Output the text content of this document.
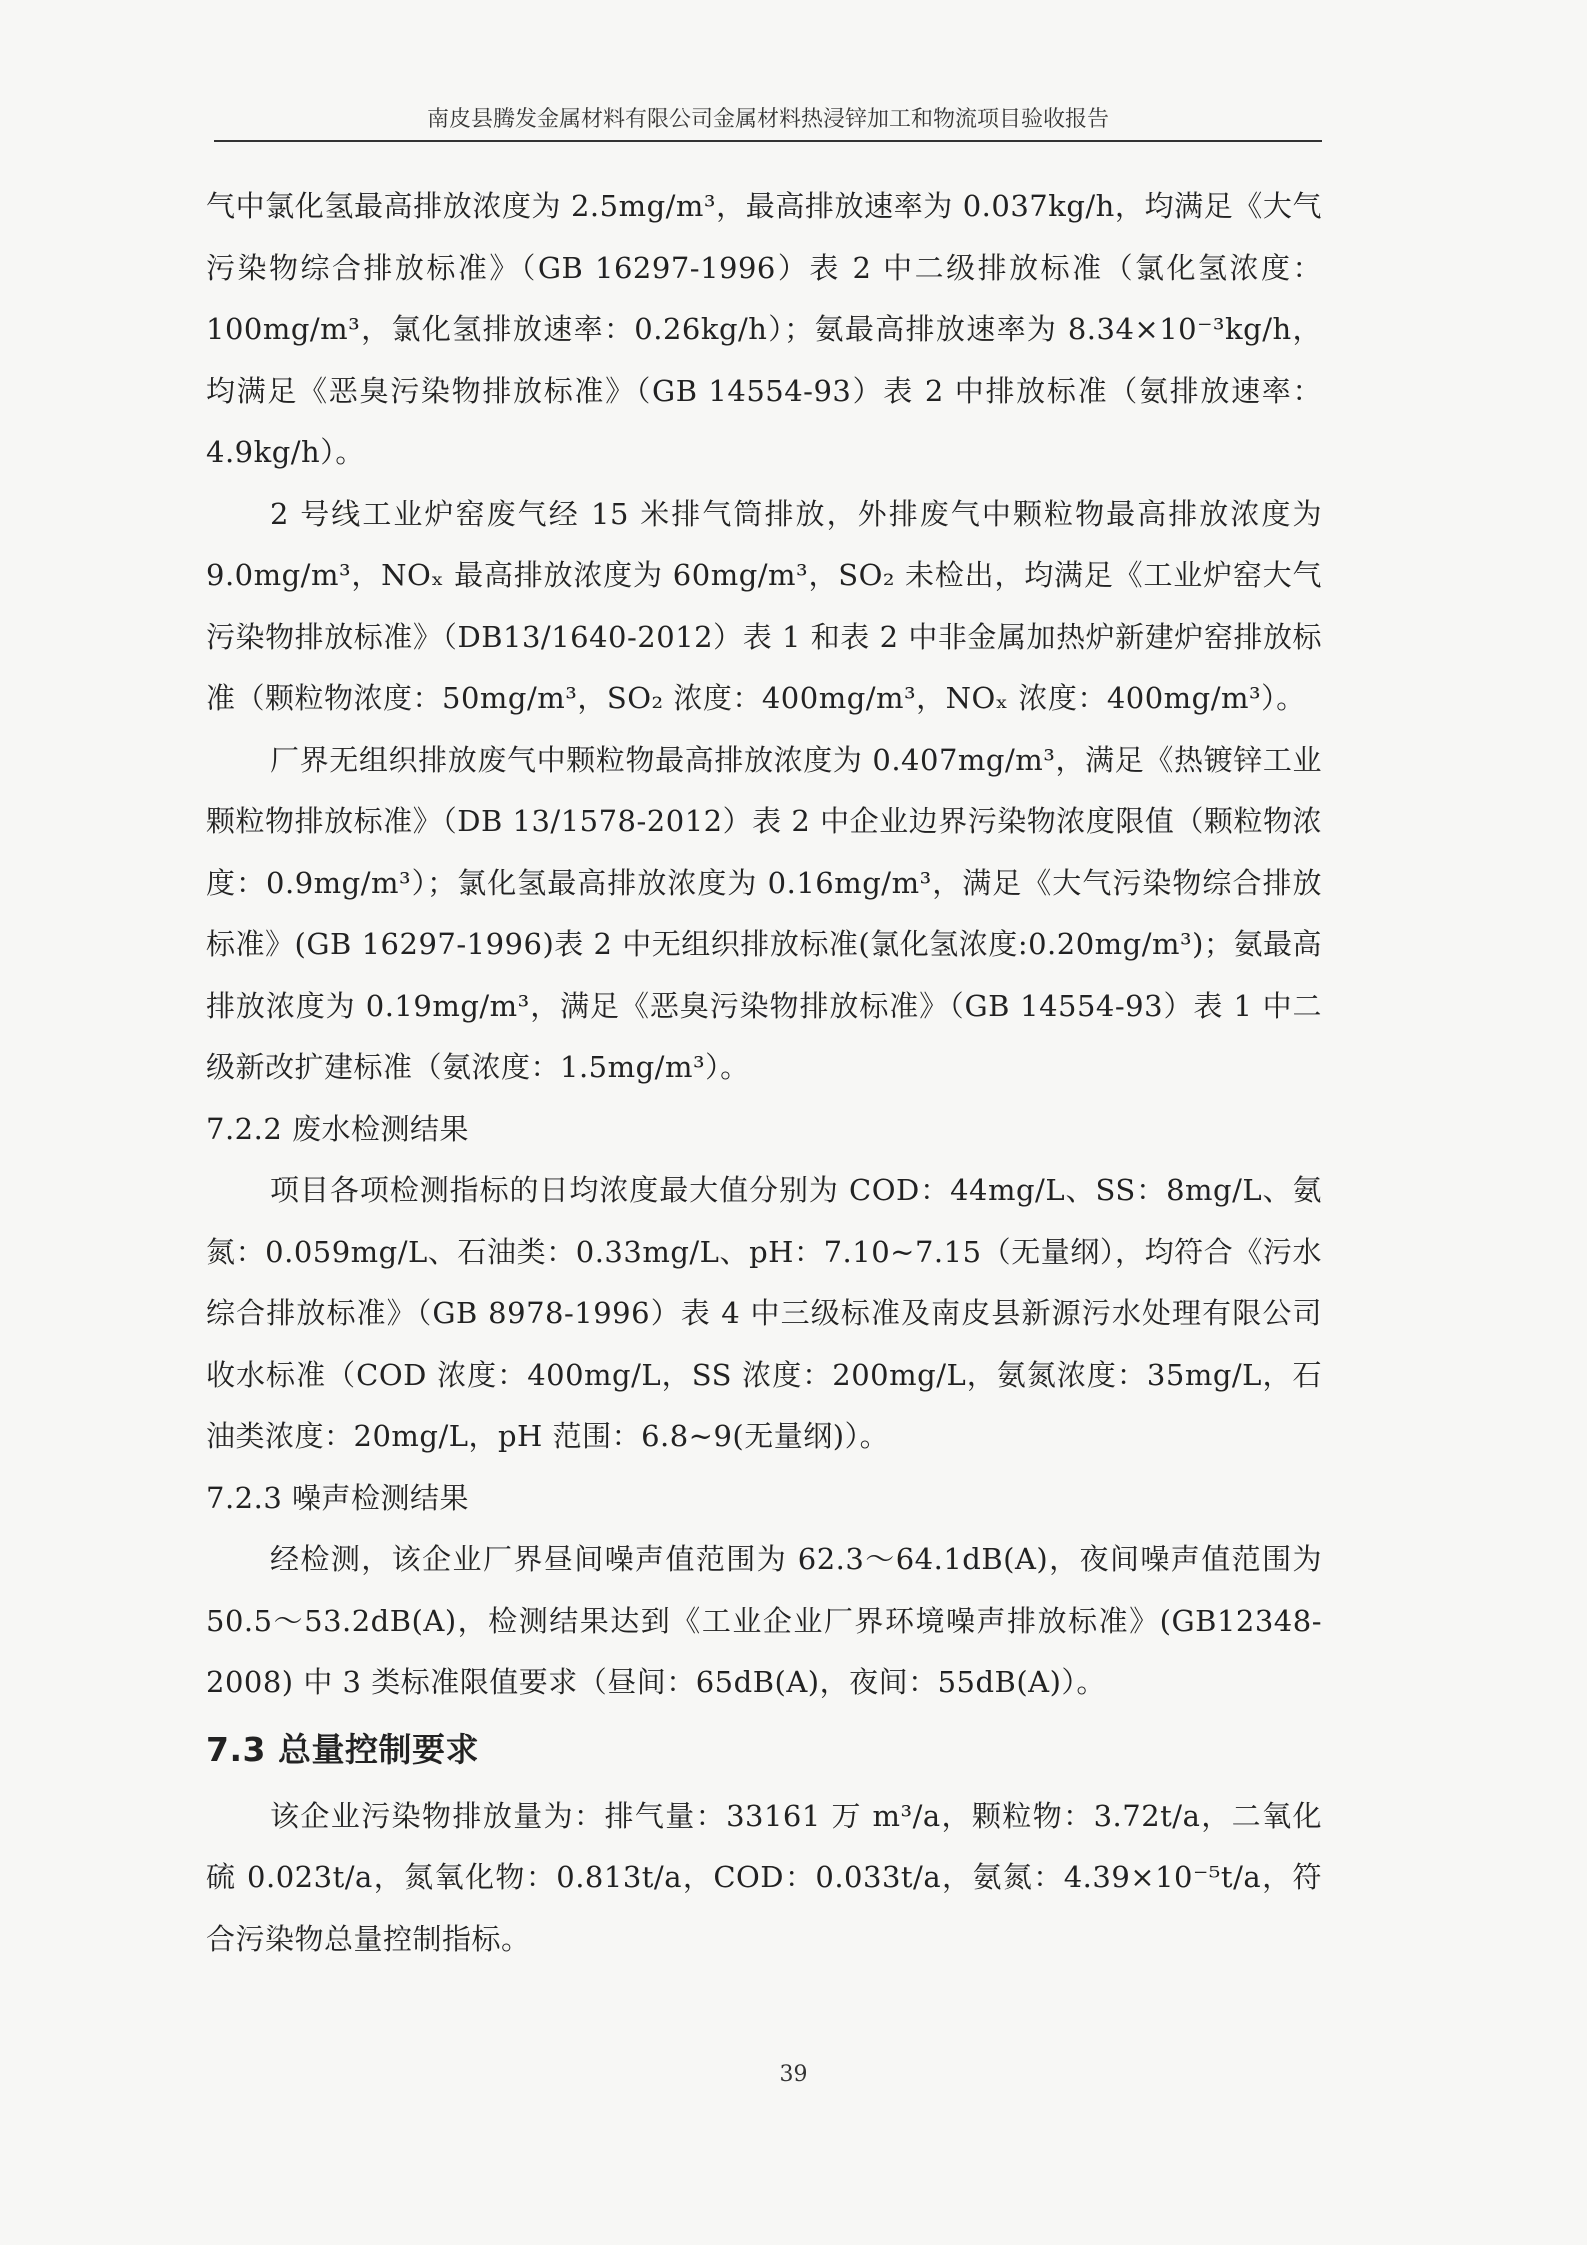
南皮县腾发金属材料有限公司金属材料热浸锌加工和物流项目验收报告

气中氯化氢最高排放浓度为 2.5mg/m³，最高排放速率为 0.037kg/h，均满足《大气污染物综合排放标准》（GB 16297-1996）表 2 中二级排放标准（氯化氢浓度：100mg/m³，氯化氢排放速率：0.26kg/h）；氨最高排放速率为 8.34×10⁻³kg/h，均满足《恶臭污染物排放标准》（GB 14554-93）表 2 中排放标准（氨排放速率：4.9kg/h）。

2 号线工业炉窑废气经 15 米排气筒排放，外排废气中颗粒物最高排放浓度为 9.0mg/m³，NOₓ 最高排放浓度为 60mg/m³，SO₂ 未检出，均满足《工业炉窑大气污染物排放标准》（DB13/1640-2012）表 1 和表 2 中非金属加热炉新建炉窑排放标准（颗粒物浓度：50mg/m³，SO₂ 浓度：400mg/m³，NOₓ 浓度：400mg/m³）。

厂界无组织排放废气中颗粒物最高排放浓度为 0.407mg/m³，满足《热镀锌工业颗粒物排放标准》（DB 13/1578-2012）表 2 中企业边界污染物浓度限值（颗粒物浓度：0.9mg/m³）；氯化氢最高排放浓度为 0.16mg/m³，满足《大气污染物综合排放标准》(GB 16297-1996)表 2 中无组织排放标准(氯化氢浓度:0.20mg/m³)；氨最高排放浓度为 0.19mg/m³，满足《恶臭污染物排放标准》（GB 14554-93）表 1 中二级新改扩建标准（氨浓度：1.5mg/m³）。

7.2.2 废水检测结果

项目各项检测指标的日均浓度最大值分别为 COD：44mg/L、SS：8mg/L、氨氮：0.059mg/L、石油类：0.33mg/L、pH：7.10~7.15（无量纲），均符合《污水综合排放标准》（GB 8978-1996）表 4 中三级标准及南皮县新源污水处理有限公司收水标准（COD 浓度：400mg/L，SS 浓度：200mg/L，氨氮浓度：35mg/L，石油类浓度：20mg/L，pH 范围：6.8~9(无量纲)）。

7.2.3 噪声检测结果

经检测，该企业厂界昼间噪声值范围为 62.3～64.1dB(A)，夜间噪声值范围为 50.5～53.2dB(A)，检测结果达到《工业企业厂界环境噪声排放标准》(GB12348-2008) 中 3 类标准限值要求（昼间：65dB(A)，夜间：55dB(A)）。

7.3 总量控制要求

该企业污染物排放量为：排气量：33161 万 m³/a，颗粒物：3.72t/a，二氧化硫 0.023t/a，氮氧化物：0.813t/a，COD：0.033t/a，氨氮：4.39×10⁻⁵t/a，符合污染物总量控制指标。

39
